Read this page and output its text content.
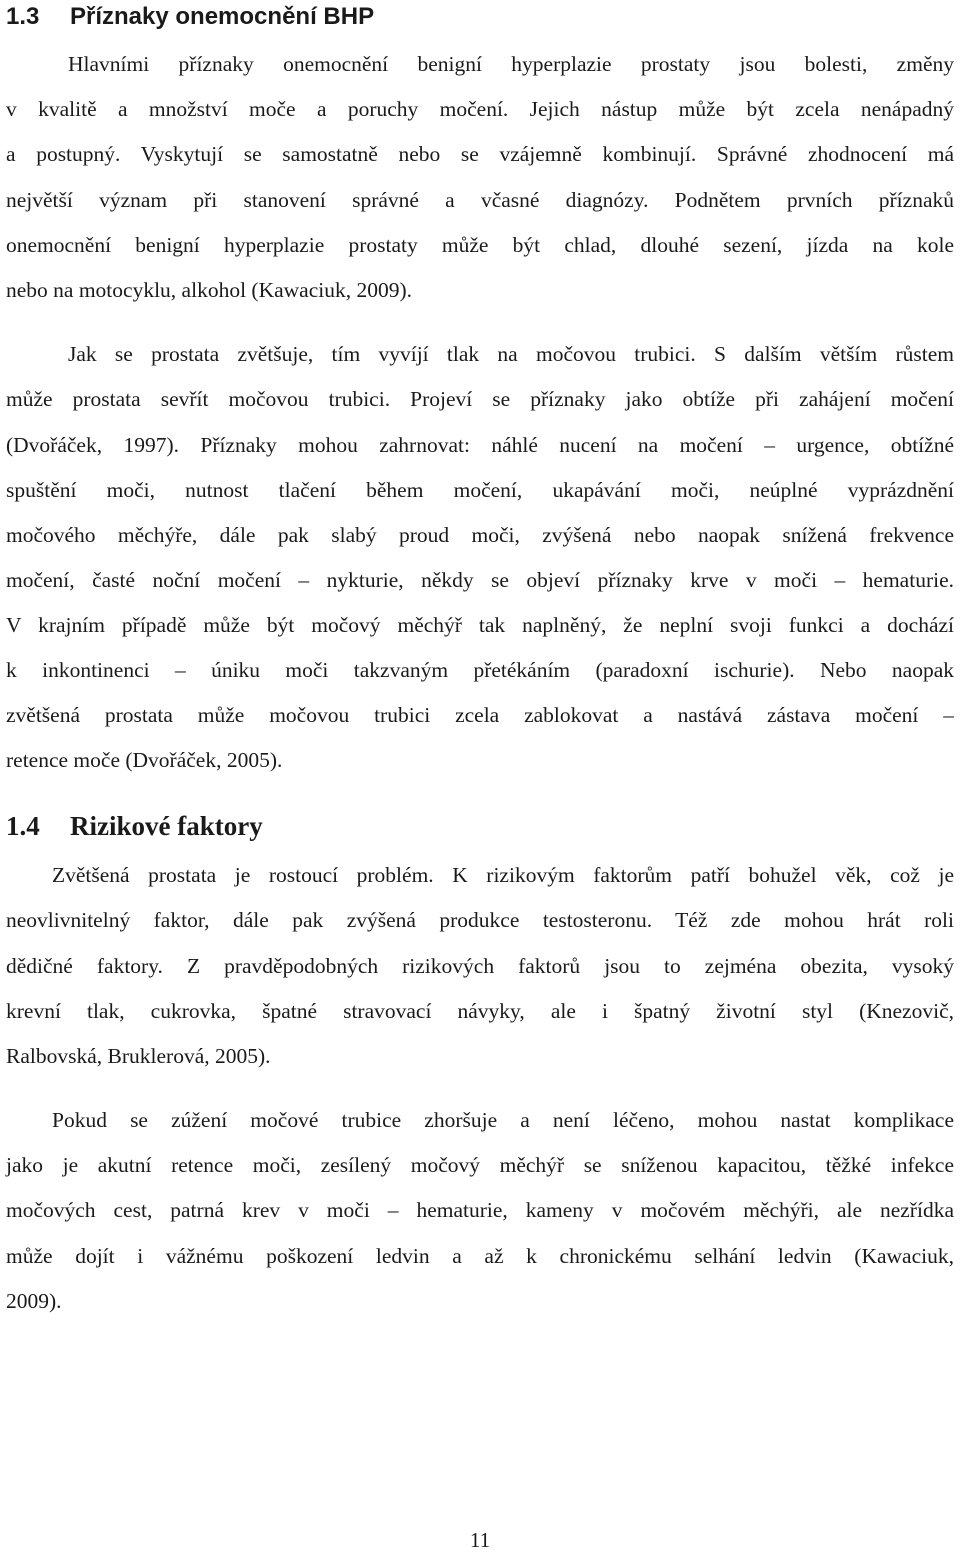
1.3 Příznaky onemocnění BHP

Hlavními příznaky onemocnění benigní hyperplazie prostaty jsou bolesti, změny

v kvalitě a množství moče a poruchy močení. Jejich nástup může být zcela nenápadný

a postupný. Vyskytují se samostatně nebo se vzájemně kombinují. Správné zhodnocení má

největší význam při stanovení správné a včasné diagnózy. Podnětem prvních příznaků

onemocnění benigní hyperplazie prostaty může být chlad, dlouhé sezení, jízda na kole

nebo na motocyklu, alkohol (Kawaciuk, 2009).

Jak se prostata zvětšuje, tím vyvíjí tlak na močovou trubici. S dalším větším růstem

může prostata sevřít močovou trubici. Projeví se příznaky jako obtíže při zahájení močení

(Dvořáček, 1997). Příznaky mohou zahrnovat: náhlé nucení na močení – urgence, obtížné

spuštění moči, nutnost tlačení během močení, ukapávání moči, neúplné vyprázdnění

močového měchýře, dále pak slabý proud moči, zvýšená nebo naopak snížená frekvence

močení, časté noční močení – nykturie, někdy se objeví příznaky krve v moči – hematurie.

V krajním případě může být močový měchýř tak naplněný, že neplní svoji funkci a dochází

k inkontinenci – úniku moči takzvaným přetékáním (paradoxní ischurie). Nebo naopak

zvětšená prostata může močovou trubici zcela zablokovat a nastává zástava močení –

retence moče (Dvořáček, 2005).

1.4 Rizikové faktory

Zvětšená prostata je rostoucí problém. K rizikovým faktorům patří bohužel věk, což je

neovlivnitelný faktor, dále pak zvýšená produkce testosteronu. Též zde mohou hrát roli

dědičné faktory. Z pravděpodobných rizikových faktorů jsou to zejména obezita, vysoký

krevní tlak, cukrovka, špatné stravovací návyky, ale i špatný životní styl (Knezovič,

Ralbovská, Bruklerová, 2005).

Pokud se zúžení močové trubice zhoršuje a není léčeno, mohou nastat komplikace

jako je akutní retence moči, zesílený močový měchýř se sníženou kapacitou, těžké infekce

močových cest, patrná krev v moči – hematurie, kameny v močovém měchýři, ale nezřídka

může dojít i vážnému poškození ledvin a až k chronickému selhání ledvin (Kawaciuk,

2009).

11
